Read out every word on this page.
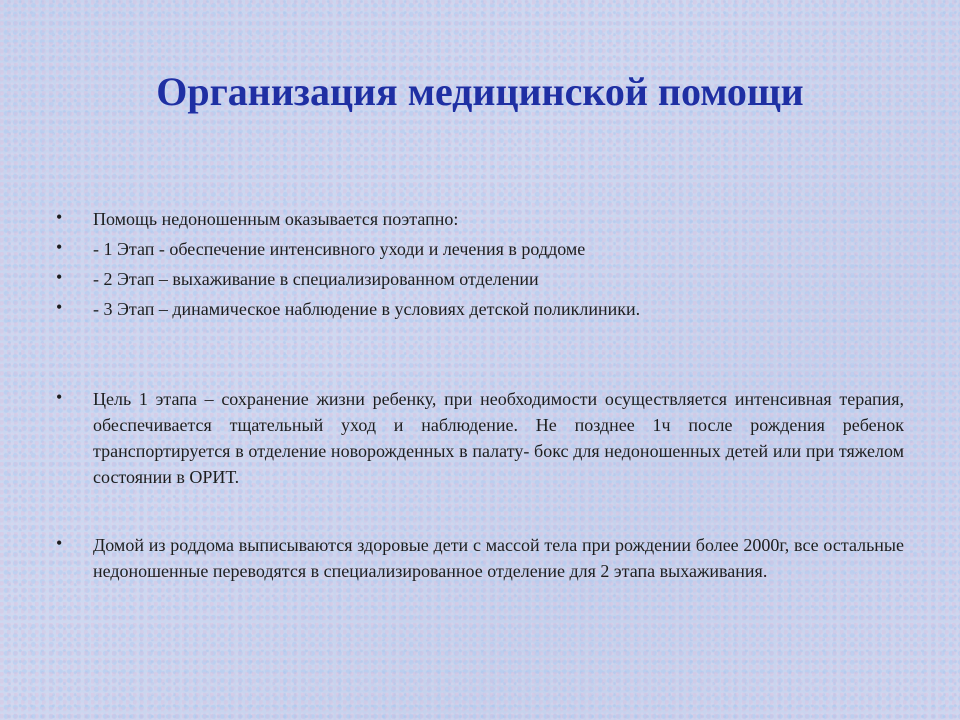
Организация медицинской помощи
• Помощь недоношенным оказывается поэтапно:
• - 1 Этап - обеспечение интенсивного уходи и лечения в роддоме
• - 2 Этап – выхаживание в специализированном отделении
• - 3 Этап – динамическое наблюдение в условиях детской поликлиники.
• Цель 1 этапа – сохранение жизни ребенку, при необходимости осуществляется интенсивная терапия, обеспечивается тщательный уход и наблюдение. Не позднее 1ч после рождения ребенок транспортируется в отделение новорожденных в палату- бокс для недоношенных детей или при тяжелом состоянии в ОРИТ.
• Домой из роддома выписываются здоровые дети с массой тела при рождении более 2000г, все остальные недоношенные переводятся в специализированное отделение для 2 этапа выхаживания.
